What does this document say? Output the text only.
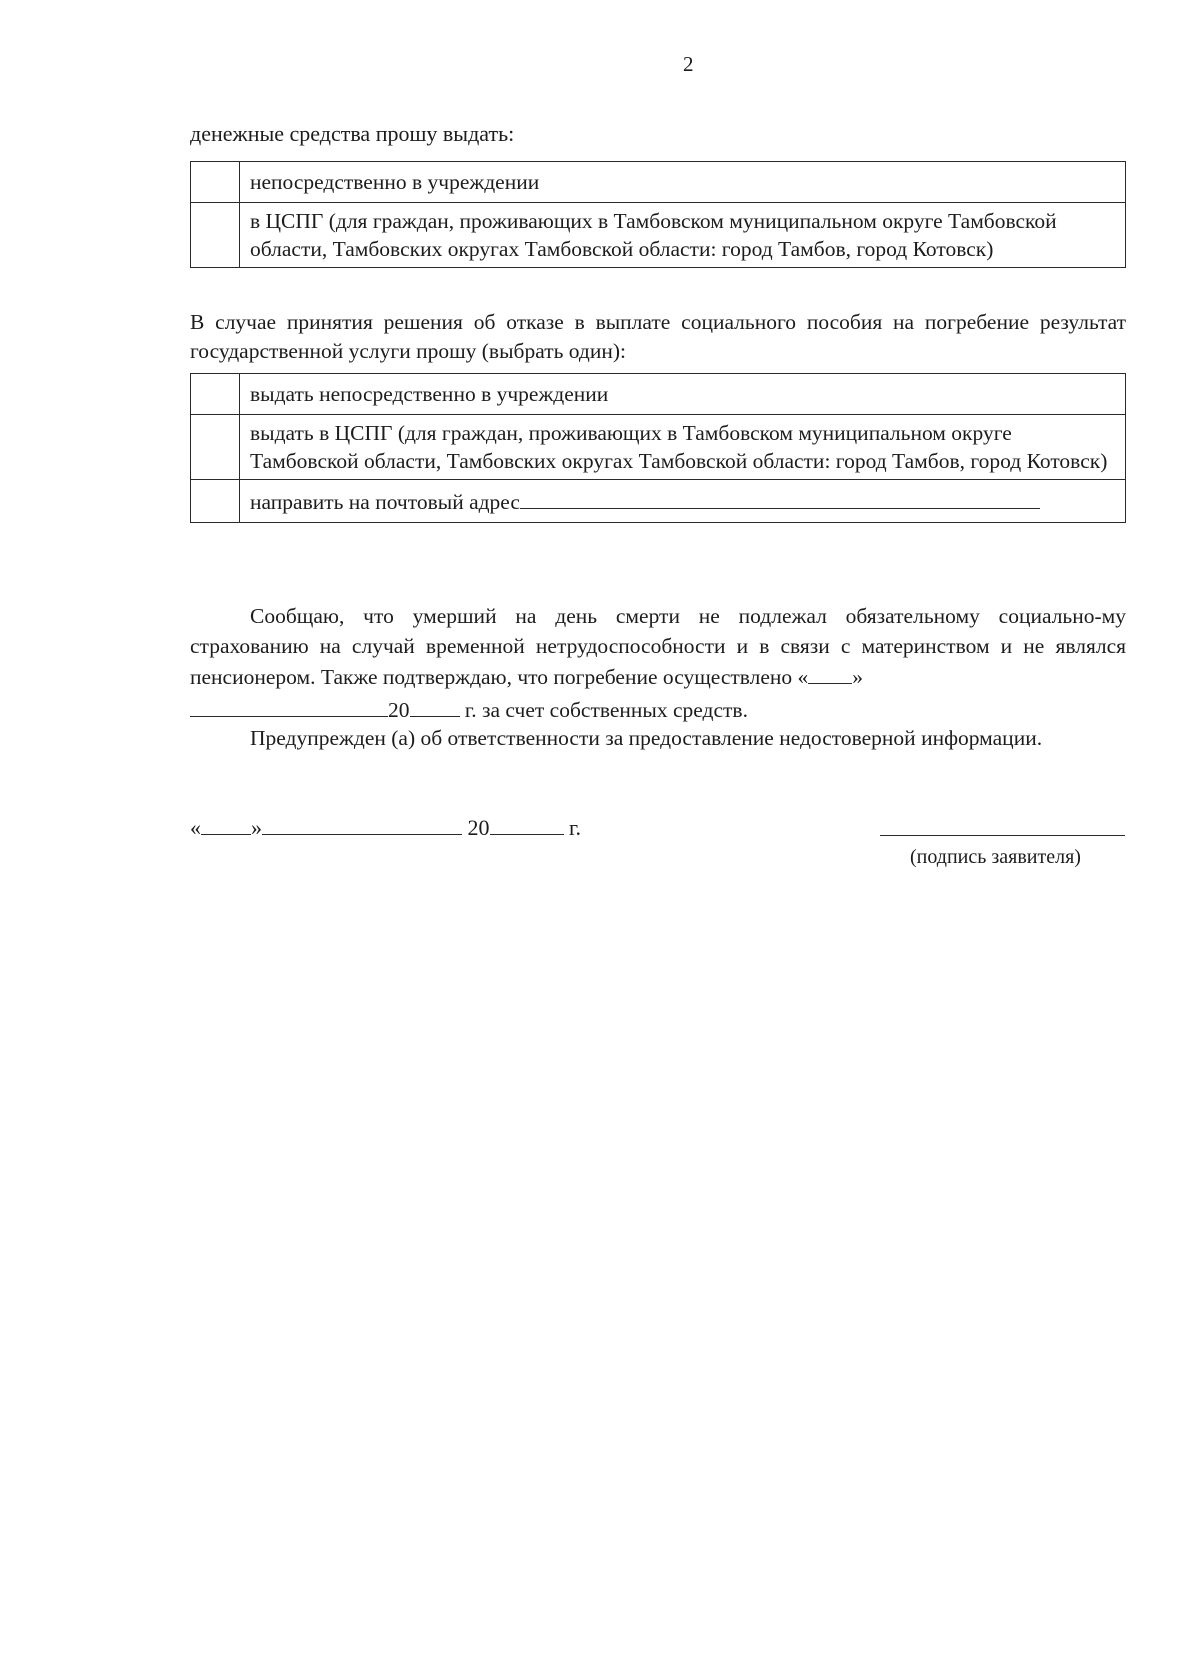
2
денежные средства прошу выдать:
	непосредственно в учреждении
	в ЦСПГ (для граждан, проживающих в Тамбовском муниципальном округе Тамбовской области, Тамбовских округах Тамбовской области: город Тамбов, город Котовск)
В случае принятия решения об отказе в выплате социального пособия на погребение результат государственной услуги прошу (выбрать один):
	выдать непосредственно в учреждении
	выдать в ЦСПГ (для граждан, проживающих в Тамбовском муниципальном округе Тамбовской области, Тамбовских округах Тамбовской области: город Тамбов, город Котовск)
	направить на почтовый адрес
Сообщаю, что умерший на день смерти не подлежал обязательному социально-му страхованию на случай временной нетрудоспособности и в связи с материнством и не являлся пенсионером. Также подтверждаю, что погребение осуществлено « »
20 г. за счет собственных средств.
Предупрежден (а) об ответственности за предоставление недостоверной информации.
« »	20	г.
(подпись заявителя)
